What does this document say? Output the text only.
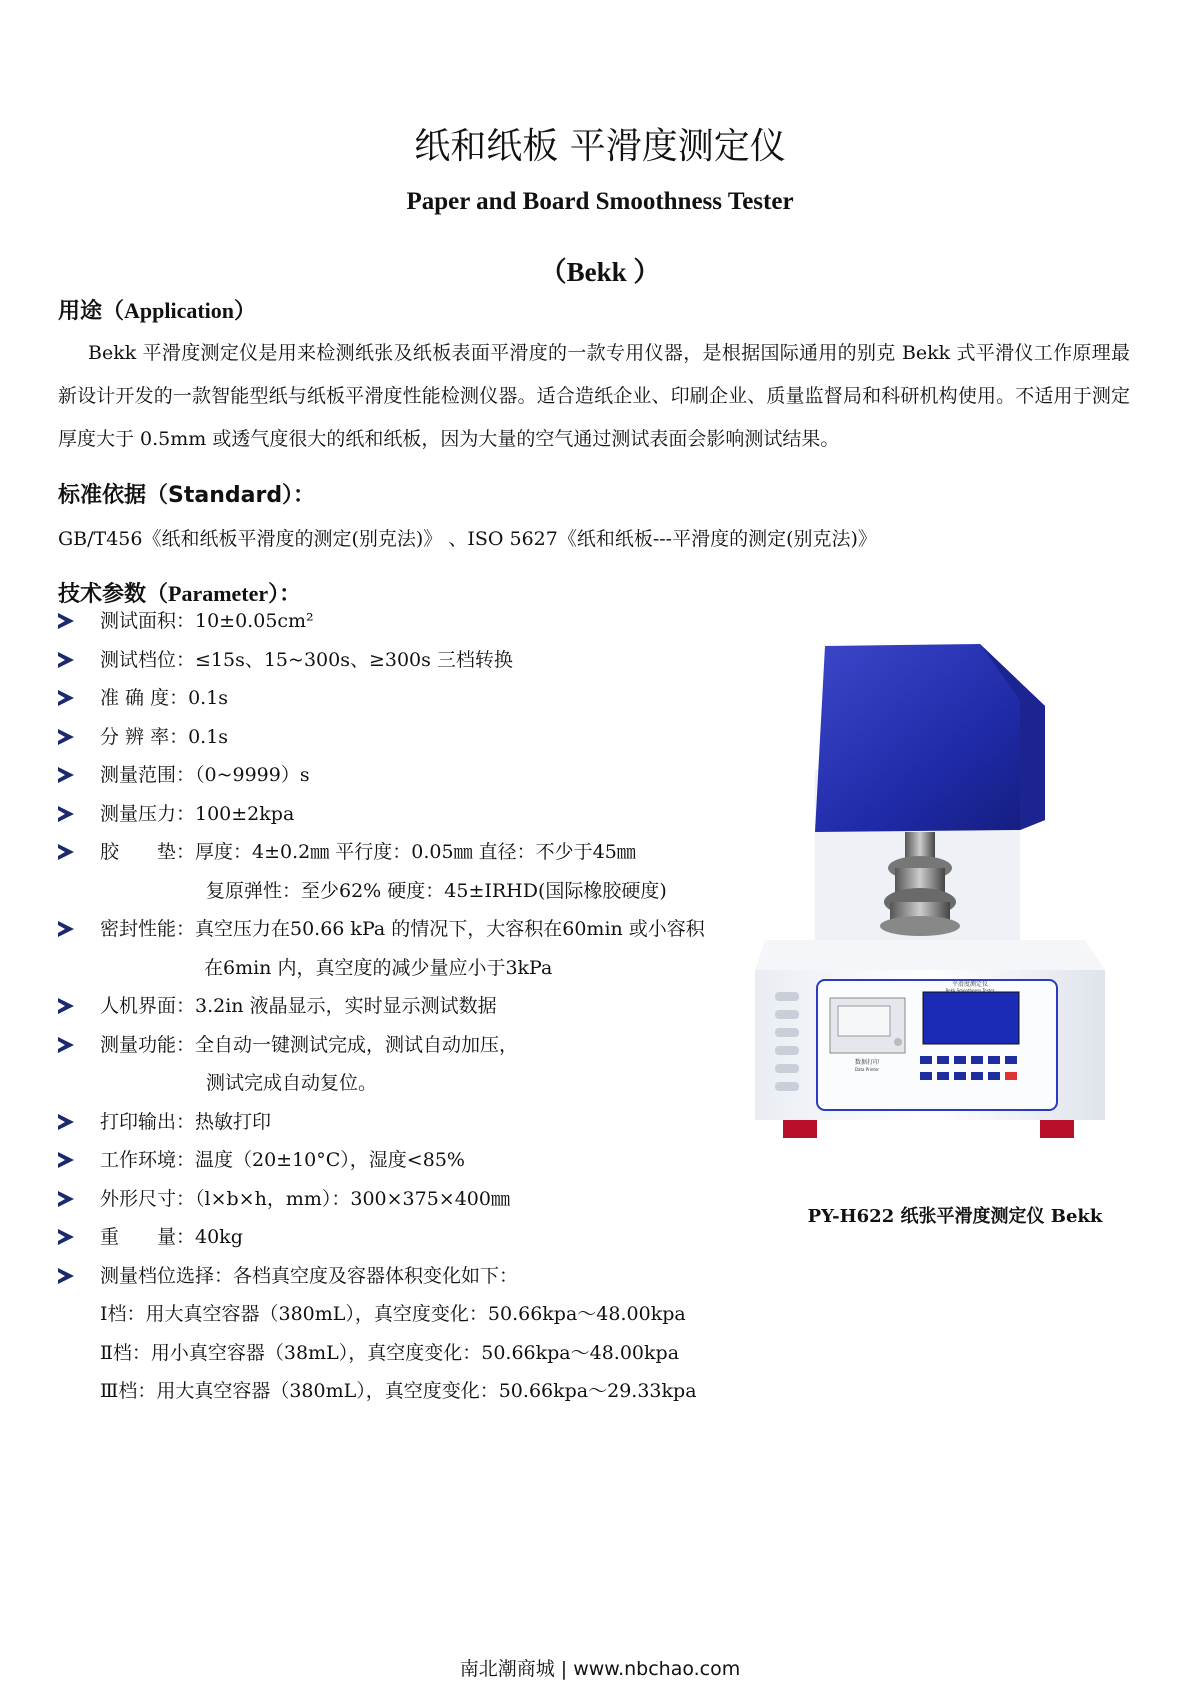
纸和纸板 平滑度测定仪
Paper and Board Smoothness Tester
（Bekk ）
用途（Application）
Bekk 平滑度测定仪是用来检测纸张及纸板表面平滑度的一款专用仪器，是根据国际通用的别克 Bekk 式平滑仪工作原理最新设计开发的一款智能型纸与纸板平滑度性能检测仪器。适合造纸企业、印刷企业、质量监督局和科研机构使用。不适用于测定厚度大于 0.5mm 或透气度很大的纸和纸板，因为大量的空气通过测试表面会影响测试结果。
标准依据（Standard）：
GB/T456《纸和纸板平滑度的测定(别克法)》 、ISO 5627《纸和纸板---平滑度的测定(别克法)》
技术参数（Parameter）：
测试面积：10±0.05cm²
测试档位：≤15s、15~300s、≥300s 三档转换
准 确 度：0.1s
分 辨 率：0.1s
测量范围：（0~9999）s
测量压力：100±2kpa
胶　　垫：厚度：4±0.2㎜ 平行度：0.05㎜ 直径：不少于45㎜
复原弹性：至少62% 硬度：45±IRHD(国际橡胶硬度)
密封性能：真空压力在50.66 kPa 的情况下，大容积在60min 或小容积
在6min 内，真空度的减少量应小于3kPa
人机界面：3.2in 液晶显示，实时显示测试数据
测量功能：全自动一键测试完成，测试自动加压，
测试完成自动复位。
打印输出：热敏打印
工作环境：温度（20±10°C），湿度<85%
外形尺寸：（l×b×h，mm）：300×375×400㎜
重　　量：40kg
测量档位选择：各档真空度及容器体积变化如下：
Ⅰ档：用大真空容器（380mL），真空度变化：50.66kpa～48.00kpa
Ⅱ档：用小真空容器（38mL），真空度变化：50.66kpa～48.00kpa
Ⅲ档：用大真空容器（380mL），真空度变化：50.66kpa～29.33kpa
平滑度测定仪
Bekk Smoothness Tester
数据打印
Data Printer
PY-H622 纸张平滑度测定仪 Bekk
南北潮商城 | www.nbchao.com
